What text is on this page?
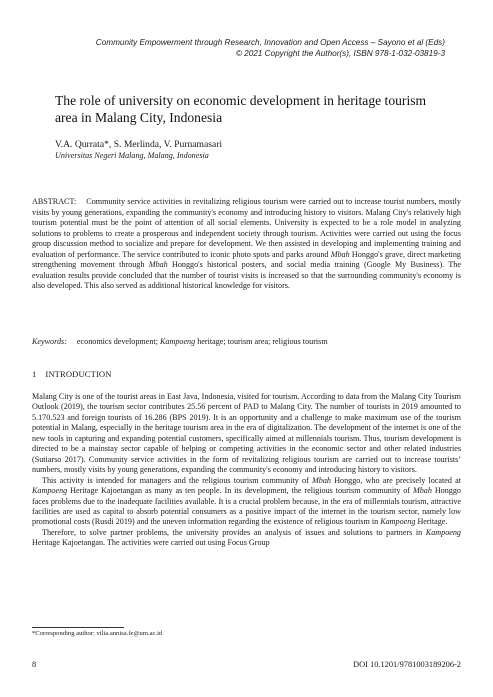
Community Empowerment through Research, Innovation and Open Access – Sayono et al (Eds)
© 2021 Copyright the Author(s), ISBN 978-1-032-03819-3
The role of university on economic development in heritage tourism area in Malang City, Indonesia
V.A. Qurrata*, S. Merlinda, V. Purnamasari
Universitas Negeri Malang, Malang, Indonesia

ABSTRACT: Community service activities in revitalizing religious tourism were carried out to increase tourist numbers, mostly visits by young generations, expanding the community's economy and introducing history to visitors. Malang City's relatively high tourism potential must be the point of attention of all social elements. University is expected to be a role model in analyzing solutions to problems to create a prosperous and independent society through tourism. Activities were carried out using the focus group discussion method to socialize and prepare for development. We then assisted in developing and implementing training and evaluation of performance. The service contributed to iconic photo spots and parks around Mbah Honggo's grave, direct marketing strengthening movement through Mbah Honggo's historical posters, and social media training (Google My Business). The evaluation results provide concluded that the number of tourist visits is increased so that the surrounding community's economy is also developed. This also served as additional historical knowledge for visitors.

Keywords: economics development; Kampoeng heritage; tourism area; religious tourism

1    INTRODUCTION

Malang City is one of the tourist areas in East Java, Indonesia, visited for tourism. According to data from the Malang City Tourism Outlook (2019), the tourism sector contributes 25.56 percent of PAD to Malang City. The number of tourists in 2019 amounted to 5.170.523 and foreign tourists of 16.286 (BPS 2019). It is an opportunity and a challenge to make maximum use of the tourism potential in Malang, especially in the heritage tourism area in the era of digitalization. The development of the internet is one of the new tools in capturing and expanding potential customers, specifically aimed at millennials tourism. Thus, tourism development is directed to be a mainstay sector capable of helping or competing activities in the economic sector and other related industries (Sutiarso 2017). Community service activities in the form of revitalizing religious tourism are carried out to increase tourists’ numbers, mostly visits by young generations, expanding the community's economy and introducing history to visitors.

This activity is intended for managers and the religious tourism community of Mbah Honggo, who are precisely located at Kampoeng Heritage Kajoetangan as many as ten people. In its development, the religious tourism community of Mbah Honggo faces problems due to the inadequate facilities available. It is a crucial problem because, in the era of millennials tourism, attractive facilities are used as capital to absorb potential consumers as a positive impact of the internet in the tourism sector, namely low promotional costs (Rusdi 2019) and the uneven information regarding the existence of religious tourism in Kampoeng Heritage.

Therefore, to solve partner problems, the university provides an analysis of issues and solutions to partners in Kampoeng Heritage Kajoetangan. The activities were carried out using Focus Group

*Corresponding author: vilia.annisa.fe@um.ac.id
8	DOI 10.1201/9781003189206-2
